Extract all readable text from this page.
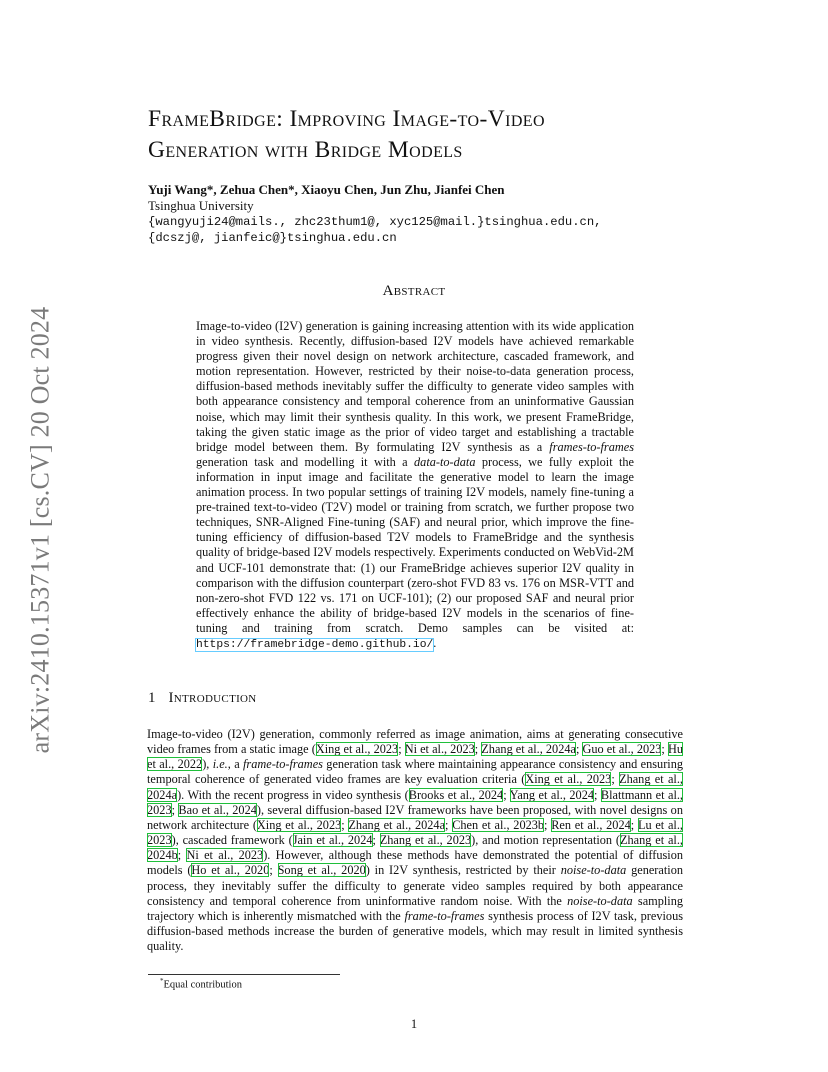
arXiv:2410.15371v1 [cs.CV] 20 Oct 2024
FrameBridge: Improving Image-to-Video
Generation with Bridge Models
Yuji Wang*, Zehua Chen*, Xiaoyu Chen, Jun Zhu, Jianfei Chen
Tsinghua University
{wangyuji24@mails., zhc23thum1@, xyc125@mail.}tsinghua.edu.cn,
{dcszj@, jianfeic@}tsinghua.edu.cn
Abstract
Image-to-video (I2V) generation is gaining increasing attention with its wide application in video synthesis. Recently, diffusion-based I2V models have achieved remarkable progress given their novel design on network architecture, cascaded framework, and motion representation. However, restricted by their noise-to-data generation process, diffusion-based methods inevitably suffer the difficulty to generate video samples with both appearance consistency and temporal coherence from an uninformative Gaussian noise, which may limit their synthesis quality. In this work, we present FrameBridge, taking the given static image as the prior of video target and establishing a tractable bridge model between them. By formulating I2V synthesis as a frames-to-frames generation task and modelling it with a data-to-data process, we fully exploit the information in input image and facilitate the generative model to learn the image animation process. In two popular settings of training I2V models, namely fine-tuning a pre-trained text-to-video (T2V) model or training from scratch, we further propose two techniques, SNR-Aligned Fine-tuning (SAF) and neural prior, which improve the fine-tuning efficiency of diffusion-based T2V models to FrameBridge and the synthesis quality of bridge-based I2V models respectively. Experiments conducted on WebVid-2M and UCF-101 demonstrate that: (1) our FrameBridge achieves superior I2V quality in comparison with the diffusion counterpart (zero-shot FVD 83 vs. 176 on MSR-VTT and non-zero-shot FVD 122 vs. 171 on UCF-101); (2) our proposed SAF and neural prior effectively enhance the ability of bridge-based I2V models in the scenarios of fine-tuning and training from scratch. Demo samples can be visited at: https://framebridge-demo.github.io/.
1 Introduction
Image-to-video (I2V) generation, commonly referred as image animation, aims at generating consecutive video frames from a static image (Xing et al., 2023; Ni et al., 2023; Zhang et al., 2024a; Guo et al., 2023; Hu et al., 2022), i.e., a frame-to-frames generation task where maintaining appearance consistency and ensuring temporal coherence of generated video frames are key evaluation criteria (Xing et al., 2023; Zhang et al., 2024a). With the recent progress in video synthesis (Brooks et al., 2024; Yang et al., 2024; Blattmann et al., 2023; Bao et al., 2024), several diffusion-based I2V frameworks have been proposed, with novel designs on network architecture (Xing et al., 2023; Zhang et al., 2024a; Chen et al., 2023b; Ren et al., 2024; Lu et al., 2023), cascaded framework (Jain et al., 2024; Zhang et al., 2023), and motion representation (Zhang et al., 2024b; Ni et al., 2023). However, although these methods have demonstrated the potential of diffusion models (Ho et al., 2020; Song et al., 2020) in I2V synthesis, restricted by their noise-to-data generation process, they inevitably suffer the difficulty to generate video samples required by both appearance consistency and temporal coherence from uninformative random noise. With the noise-to-data sampling trajectory which is inherently mismatched with the frame-to-frames synthesis process of I2V task, previous diffusion-based methods increase the burden of generative models, which may result in limited synthesis quality.
*Equal contribution
1
